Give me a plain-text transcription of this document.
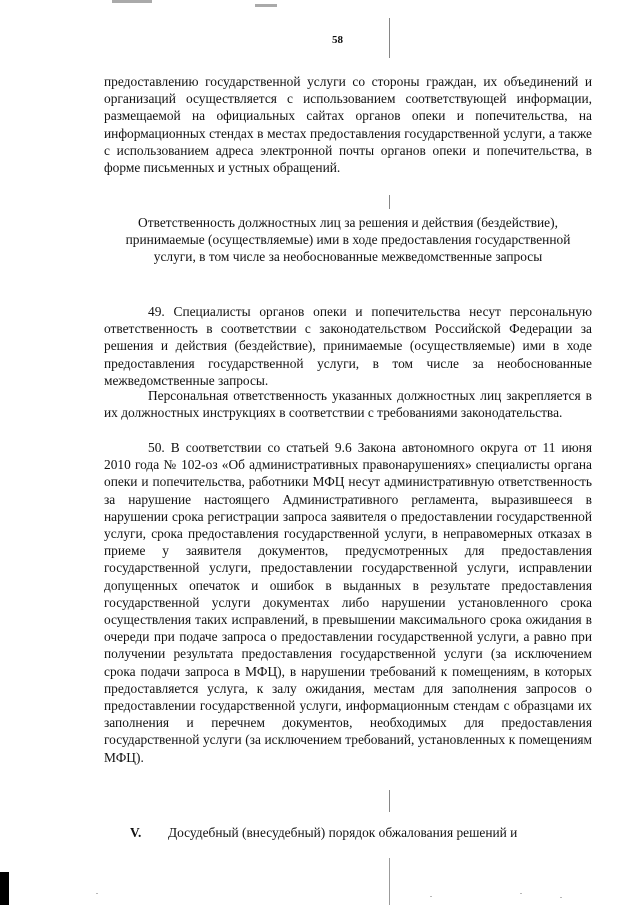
58
предоставлению государственной услуги со стороны граждан, их объединений и организаций осуществляется с использованием соответствующей информации, размещаемой на официальных сайтах органов опеки и попечительства, на информационных стендах в местах предоставления государственной услуги, а также с использованием адреса электронной почты органов опеки и попечительства, в форме письменных и устных обращений.
Ответственность должностных лиц за решения и действия (бездействие), принимаемые (осуществляемые) ими в ходе предоставления государственной услуги, в том числе за необоснованные межведомственные запросы
49. Специалисты органов опеки и попечительства несут персональную ответственность в соответствии с законодательством Российской Федерации за решения и действия (бездействие), принимаемые (осуществляемые) ими в ходе предоставления государственной услуги, в том числе за необоснованные межведомственные запросы.
Персональная ответственность указанных должностных лиц закрепляется в их должностных инструкциях в соответствии с требованиями законодательства.
50. В соответствии со статьей 9.6 Закона автономного округа от 11 июня 2010 года № 102-оз «Об административных правонарушениях» специалисты органа опеки и попечительства, работники МФЦ несут административную ответственность за нарушение настоящего Административного регламента, выразившееся в нарушении срока регистрации запроса заявителя о предоставлении государственной услуги, срока предоставления государственной услуги, в неправомерных отказах в приеме у заявителя документов, предусмотренных для предоставления государственной услуги, предоставлении государственной услуги, исправлении допущенных опечаток и ошибок в выданных в результате предоставления государственной услуги документах либо нарушении установленного срока осуществления таких исправлений, в превышении максимального срока ожидания в очереди при подаче запроса о предоставлении государственной услуги, а равно при получении результата предоставления государственной услуги (за исключением срока подачи запроса в МФЦ), в нарушении требований к помещениям, в которых предоставляется услуга, к залу ожидания, местам для заполнения запросов о предоставлении государственной услуги, информационным стендам с образцами их заполнения и перечнем документов, необходимых для предоставления государственной услуги (за исключением требований, установленных к помещениям МФЦ).
V. Досудебный (внесудебный) порядок обжалования решений и
